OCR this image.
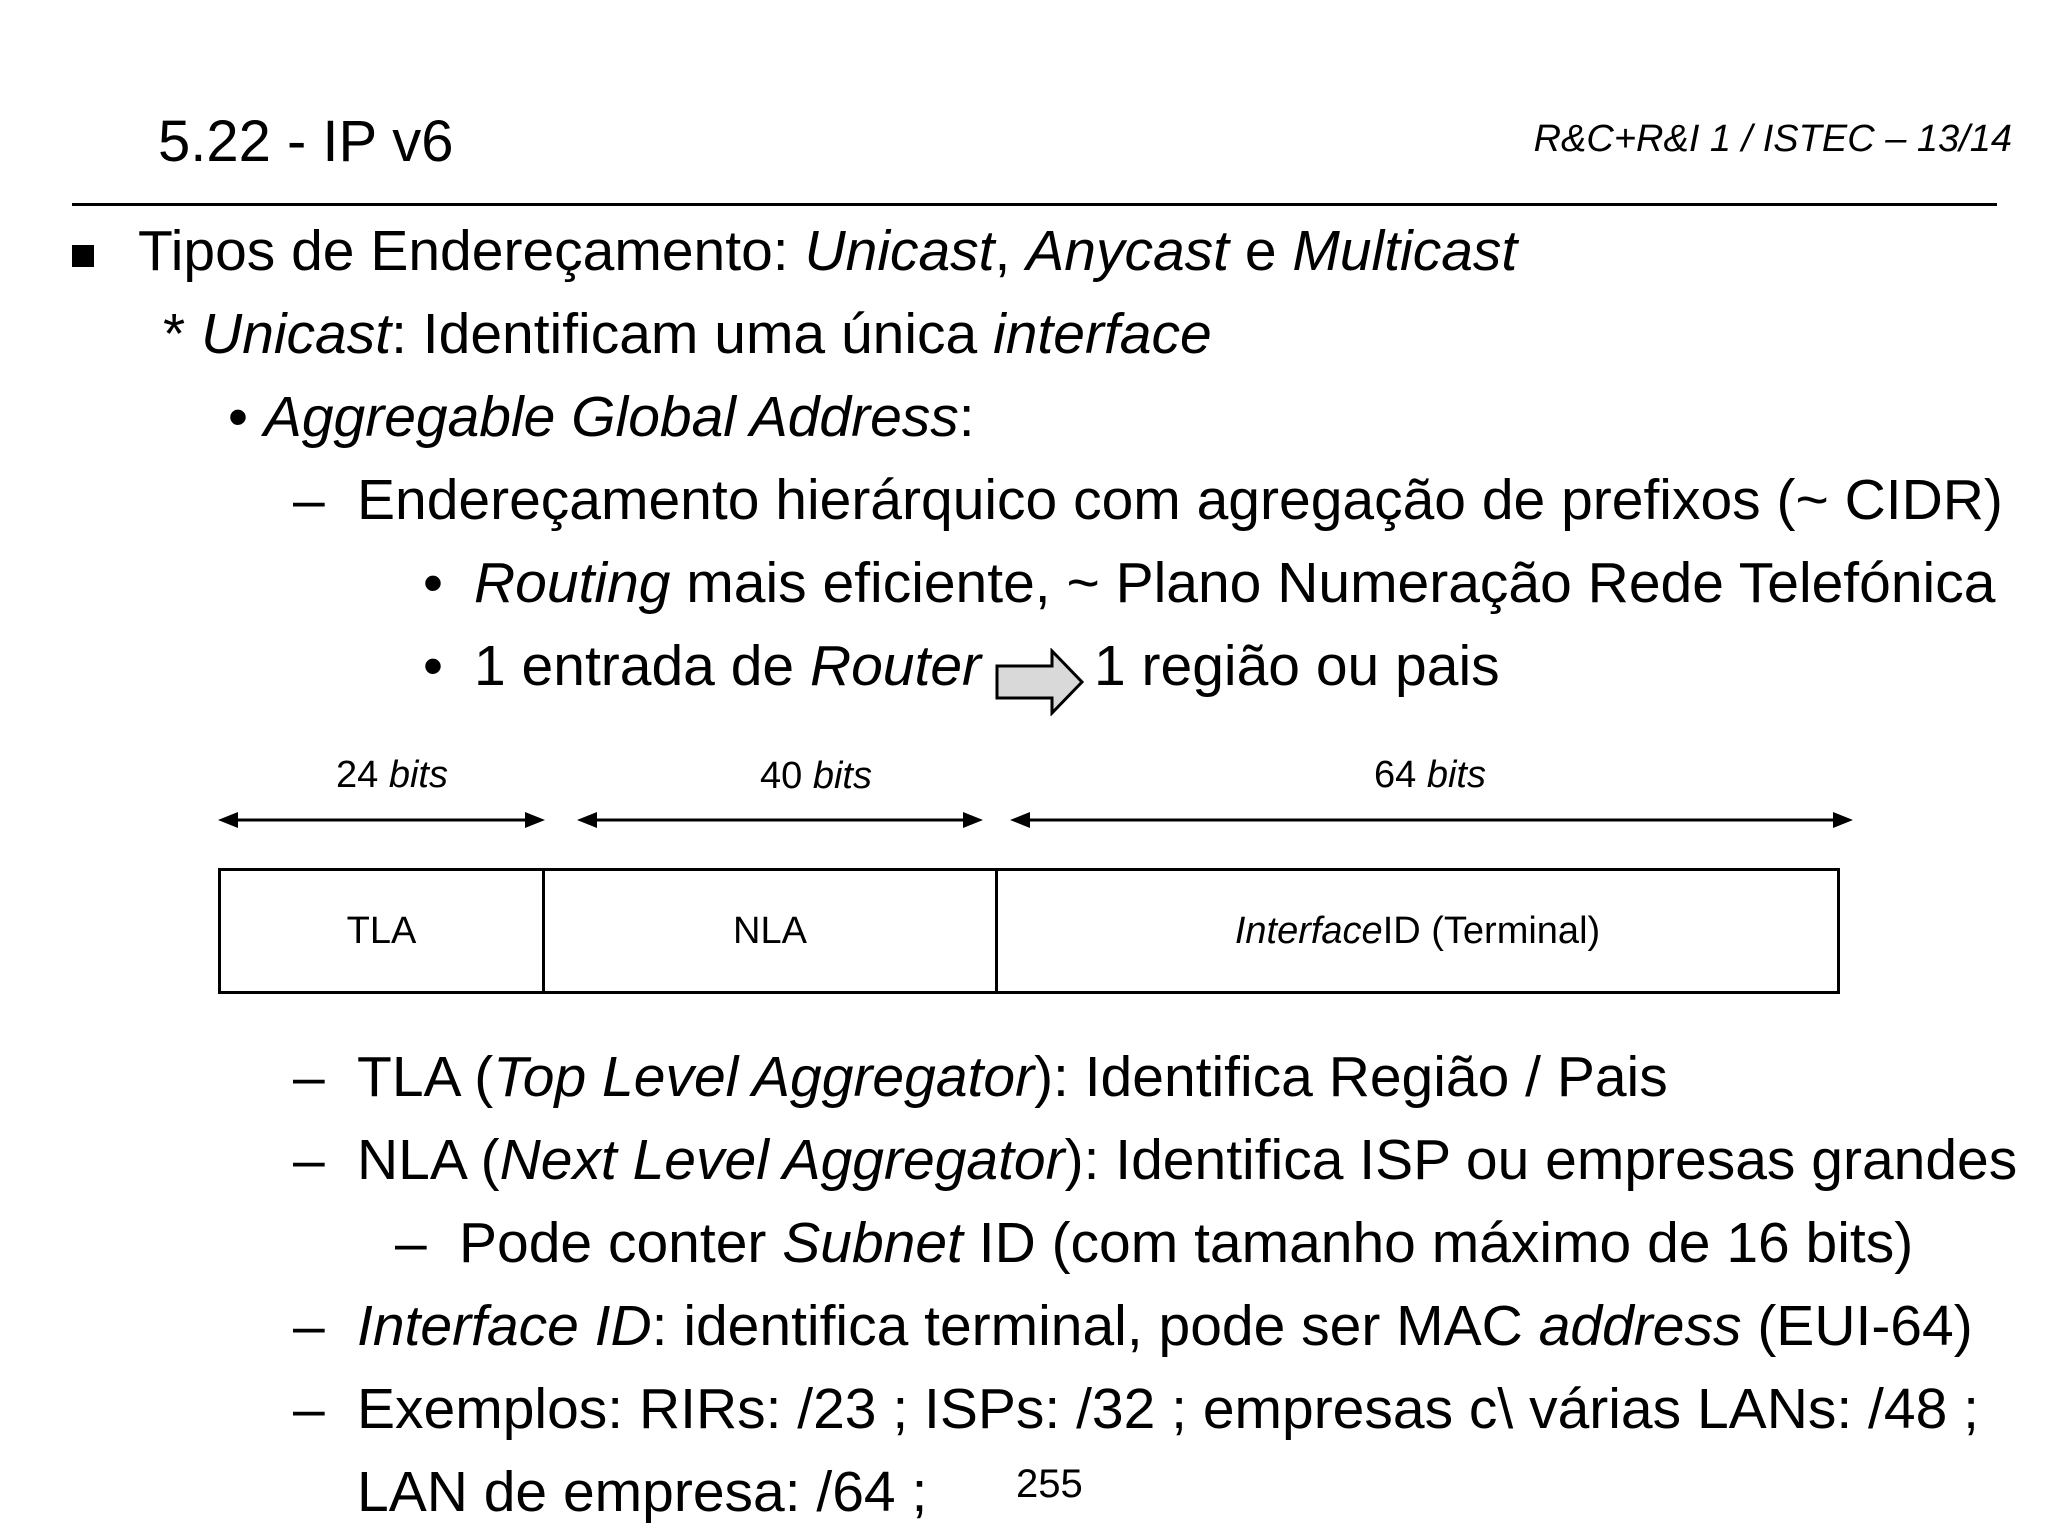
5.22 - IP v6	R&C+R&I 1 / ISTEC – 13/14
Tipos de Endereçamento: Unicast, Anycast e Multicast
* Unicast: Identificam uma única interface
• Aggregable Global Address:
– Endereçamento hierárquico com agregação de prefixos (~ CIDR)
• Routing mais eficiente, ~ Plano Numeração Rede Telefónica
• 1 entrada de Router 1 região ou pais
24 bits	40 bits	64 bits
TLA	NLA	Interface ID (Terminal)
– TLA (Top Level Aggregator): Identifica Região / Pais
– NLA (Next Level Aggregator): Identifica ISP ou empresas grandes
– Pode conter Subnet ID (com tamanho máximo de 16 bits)
– Interface ID: identifica terminal, pode ser MAC address (EUI-64)
– Exemplos: RIRs: /23 ; ISPs: /32 ; empresas c\ várias LANs: /48 ;
LAN de empresa: /64 ; 255
